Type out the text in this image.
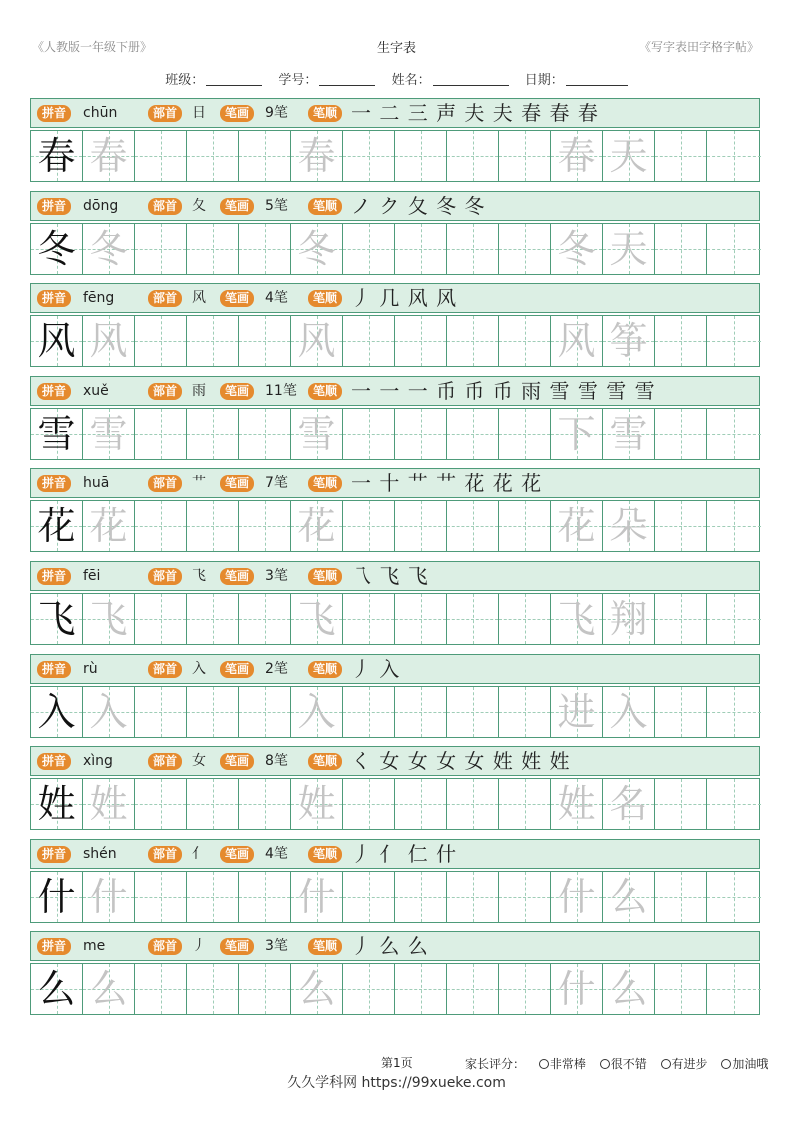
《人教版一年级下册》	生字表	《写字表田字格字帖》
班级：	学号：	姓名：	日期：
拼音	chūn	部首	日	笔画	9笔	笔顺 一 二 三 声 夫 夫 春 春 春
春 春	春	春 天
拼音	dōng	部首	夂	笔画	5笔	笔顺 ノ ク 夂 冬 冬
冬 冬	冬	冬 天
拼音	fēng	部首	风	笔画	4笔	笔顺 丿 几 风 风
风 风	风	风 筝
拼音	xuě	部首	雨	笔画	11笔	笔顺 一 一 一 币 币 币 雨 雪 雪 雪 雪
雪 雪	雪	下 雪
拼音	huā	部首	艹	笔画	7笔	笔顺 一 十 艹 艹 花 花 花
花 花	花	花 朵
拼音	fēi	部首	飞	笔画	3笔	笔顺 乁 飞 飞
飞 飞	飞	飞 翔
拼音	rù	部首	入	笔画	2笔	笔顺 丿 入
入 入	入	进 入
拼音	xìng	部首	女	笔画	8笔	笔顺 く 女 女 女 女 姓 姓 姓
姓 姓	姓	姓 名
拼音	shén	部首	亻	笔画	4笔	笔顺 丿 亻 仁 什
什 什	什	什 么
拼音	me	部首	丿	笔画	3笔	笔顺 丿 么 么
么 么	么	什 么
第1页	家长评分： 非常棒 很不错 有进步 加油哦
久久学科网 https://99xueke.com
